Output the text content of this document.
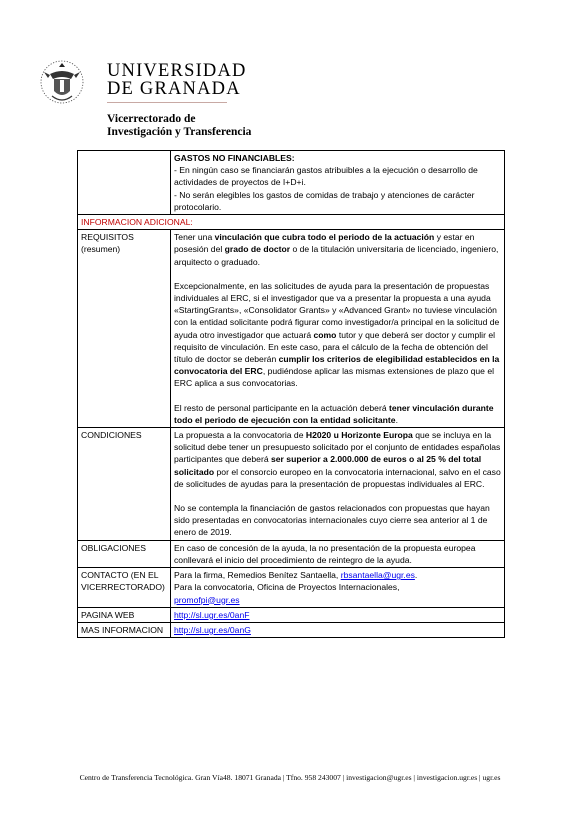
UNIVERSIDAD
DE GRANADA
Vicerrectorado de
Investigación y Transferencia

	GASTOS NO FINANCIABLES:
- En ningún caso se financiarán gastos atribuibles a la ejecución o desarrollo de actividades de proyectos de I+D+i.
- No serán elegibles los gastos de comidas de trabajo y atenciones de carácter protocolario.

INFORMACION ADICIONAL:	
REQUISITOS (resumen)	Tener una vinculación que cubra todo el periodo de la actuación y estar en posesión del grado de doctor o de la titulación universitaria de licenciado, ingeniero, arquitecto o graduado.
Excepcionalmente, en las solicitudes de ayuda para la presentación de propuestas individuales al ERC, si el investigador que va a presentar la propuesta a una ayuda «StartingGrants», «Consolidator Grants» y «Advanced Grant» no tuviese vinculación con la entidad solicitante podrá figurar como investigador/a principal en la solicitud de ayuda otro investigador que actuará como tutor y que deberá ser doctor y cumplir el requisito de vinculación. En este caso, para el cálculo de la fecha de obtención del título de doctor se deberán cumplir los criterios de elegibilidad establecidos en la convocatoria del ERC, pudiéndose aplicar las mismas extensiones de plazo que el ERC aplica a sus convocatorias.
El resto de personal participante en la actuación deberá tener vinculación durante todo el periodo de ejecución con la entidad solicitante.

CONDICIONES	La propuesta a la convocatoria de H2020 u Horizonte Europa que se incluya en la solicitud debe tener un presupuesto solicitado por el conjunto de entidades españolas participantes que deberá ser superior a 2.000.000 de euros o al 25 % del total solicitado por el consorcio europeo en la convocatoria internacional, salvo en el caso de solicitudes de ayudas para la presentación de propuestas individuales al ERC.
No se contempla la financiación de gastos relacionados con propuestas que hayan sido presentadas en convocatorias internacionales cuyo cierre sea anterior al 1 de enero de 2019.

OBLIGACIONES	En caso de concesión de la ayuda, la no presentación de la propuesta europea conllevará el inicio del procedimiento de reintegro de la ayuda.
CONTACTO (EN EL VICERRECTORADO)	Para la firma, Remedios Benítez Santaella, rbsantaella@ugr.es.
Para la convocatoria, Oficina de Proyectos Internacionales,
promofpi@ugr.es

PAGINA WEB	http://sl.ugr.es/0anF
MAS INFORMACION	http://sl.ugr.es/0anG
Centro de Transferencia Tecnológica. Gran Vía48. 18071 Granada | Tfno. 958 243007 | investigacion@ugr.es | investigacion.ugr.es | ugr.es
